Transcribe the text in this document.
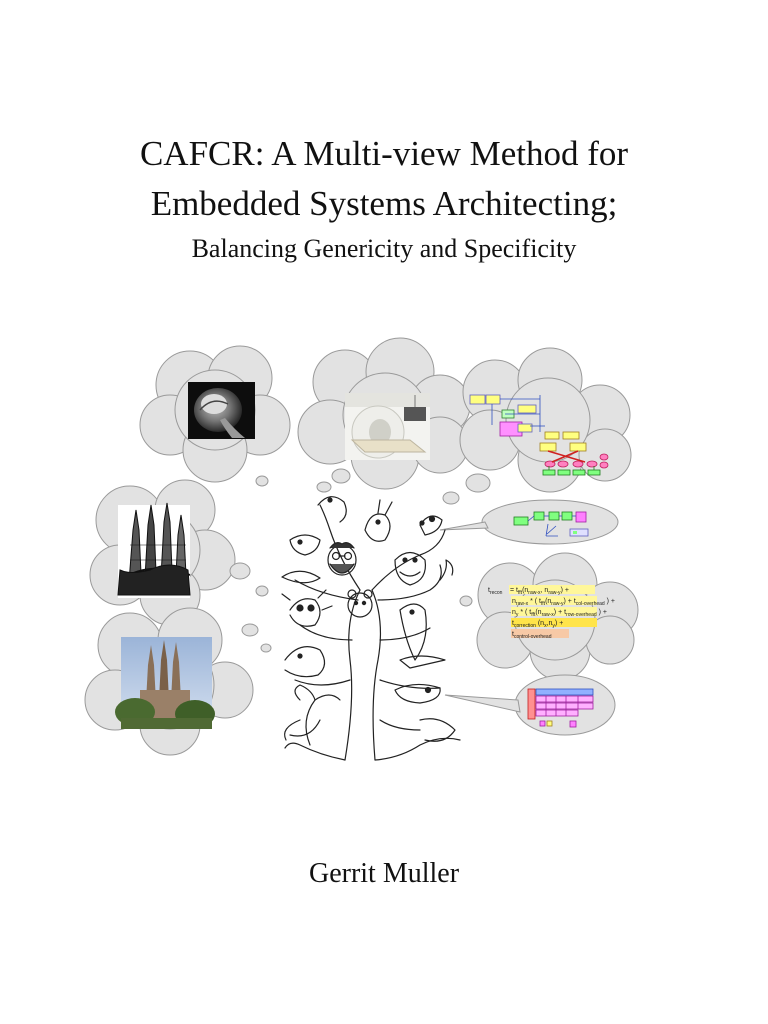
CAFCR: A Multi-view Method for
Embedded Systems Architecting;
Balancing Genericity and Specificity
$t_{recon} = t_{fft}(n_{raw-x}$, $n_{raw-y}$) +
$n_{raw-x}$ * ( $t_{fft}(n_{raw-y}) + t_{col-overhead}$ ) +
$n_y$ * ( $t_{fft}(n_{raw-x}) + t_{row-overhead}$ ) +
$t_{correction}$ $(n_x,n_y)$ +
$t_{control-overhead}$
Gerrit Muller
